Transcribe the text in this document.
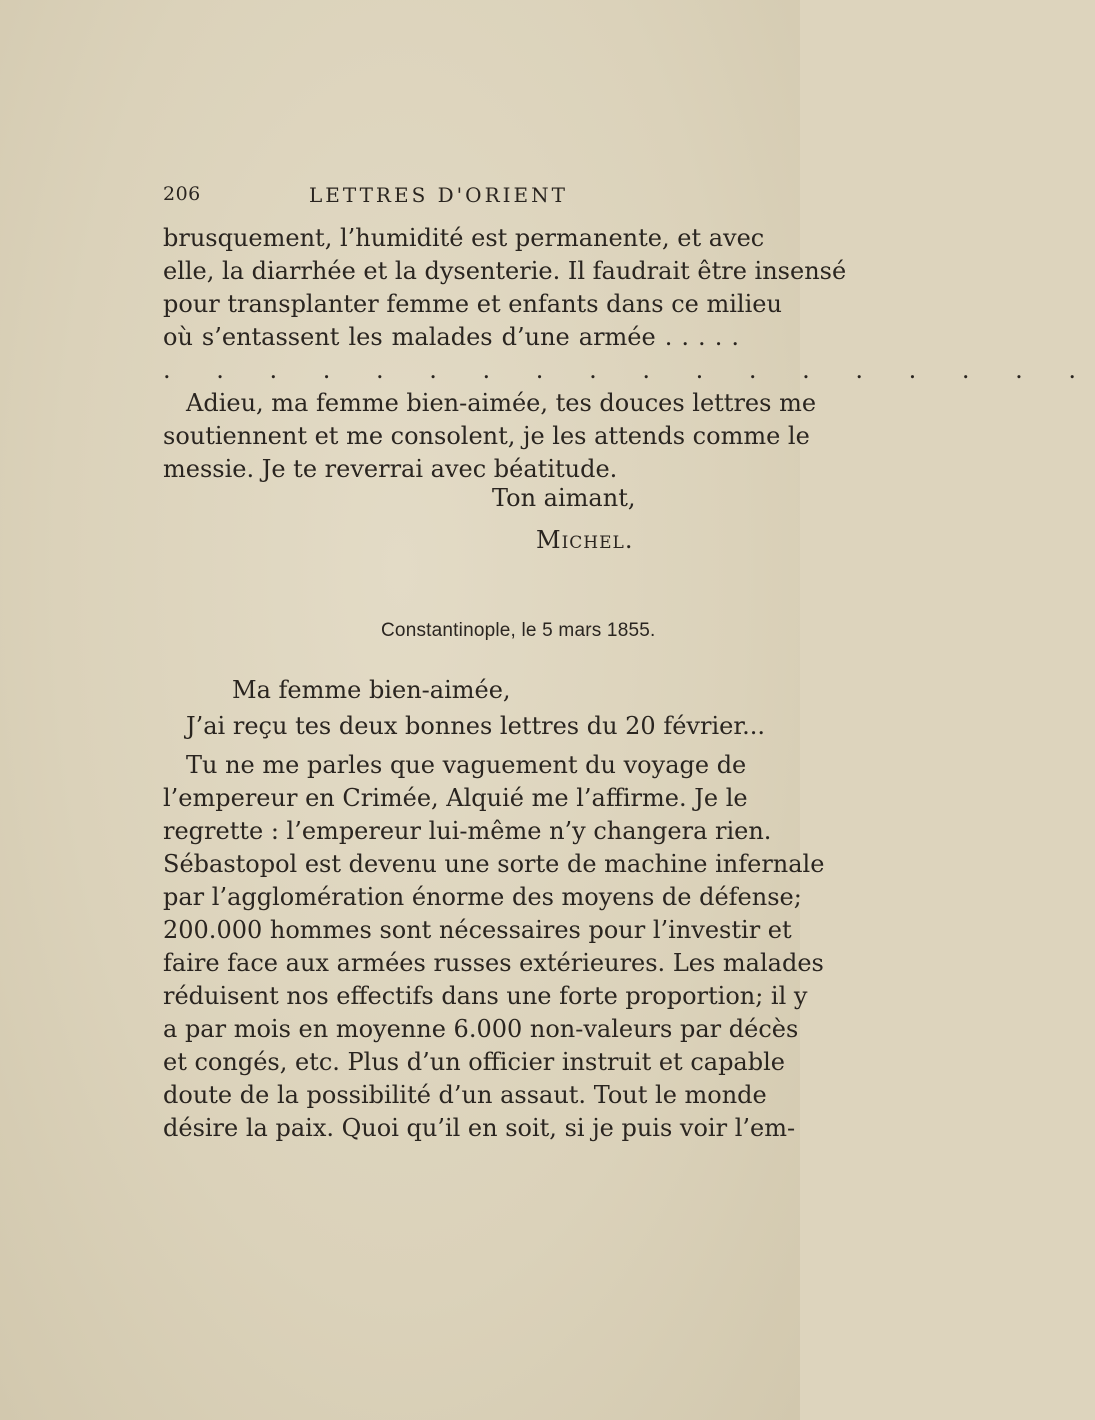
206	LETTRES D'ORIENT
brusquement, l’humidité est permanente, et avec
elle, la diarrhée et la dysenterie. Il faudrait être insensé
pour transplanter femme et enfants dans ce milieu
où s’entassent les malades d’une armée . . . . .
. . . . . . . . . . . . . . . . . .
Adieu, ma femme bien-aimée, tes douces lettres me
soutiennent et me consolent, je les attends comme le
messie. Je te reverrai avec béatitude.
Ton aimant,
Michel.
Constantinople, le 5 mars 1855.
Ma femme bien-aimée,
J’ai reçu tes deux bonnes lettres du 20 février...
Tu ne me parles que vaguement du voyage de
l’empereur en Crimée, Alquié me l’affirme. Je le
regrette : l’empereur lui-même n’y changera rien.
Sébastopol est devenu une sorte de machine infernale
par l’agglomération énorme des moyens de défense;
200.000 hommes sont nécessaires pour l’investir et
faire face aux armées russes extérieures. Les malades
réduisent nos effectifs dans une forte proportion; il y
a par mois en moyenne 6.000 non-valeurs par décès
et congés, etc. Plus d’un officier instruit et capable
doute de la possibilité d’un assaut. Tout le monde
désire la paix. Quoi qu’il en soit, si je puis voir l’em-
